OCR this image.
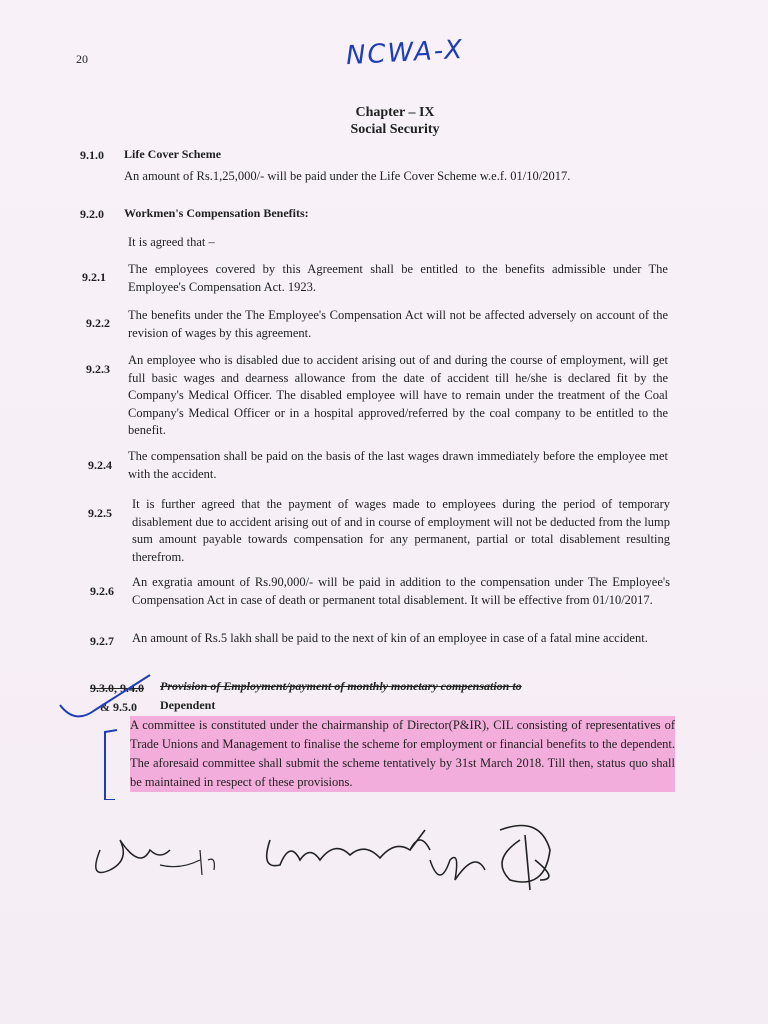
20	NCWA-X
Chapter – IX
Social Security
9.1.0 Life Cover Scheme
An amount of Rs.1,25,000/- will be paid under the Life Cover Scheme w.e.f. 01/10/2017.
9.2.0 Workmen's Compensation Benefits:
It is agreed that –
9.2.1
The employees covered by this Agreement shall be entitled to the benefits admissible under The Employee's Compensation Act. 1923.
9.2.2
The benefits under the The Employee's Compensation Act will not be affected adversely on account of the revision of wages by this agreement.
9.2.3
An employee who is disabled due to accident arising out of and during the course of employment, will get full basic wages and dearness allowance from the date of accident till he/she is declared fit by the Company's Medical Officer. The disabled employee will have to remain under the treatment of the Coal Company's Medical Officer or in a hospital approved/referred by the coal company to be entitled to the benefit.
9.2.4
The compensation shall be paid on the basis of the last wages drawn immediately before the employee met with the accident.
9.2.5
It is further agreed that the payment of wages made to employees during the period of temporary disablement due to accident arising out of and in course of employment will not be deducted from the lump sum amount payable towards compensation for any permanent, partial or total disablement resulting therefrom.
9.2.6
An exgratia amount of Rs.90,000/- will be paid in addition to the compensation under The Employee's Compensation Act in case of death or permanent total disablement. It will be effective from 01/10/2017.
9.2.7 An amount of Rs.5 lakh shall be paid to the next of kin of an employee in case of a fatal mine accident.
9.3.0, 9.4.0 Provision of Employment/payment of monthly monetary compensation to
& 9.5.0 Dependent
A committee is constituted under the chairmanship of Director(P&IR), CIL consisting of representatives of Trade Unions and Management to finalise the scheme for employment or financial benefits to the dependent. The aforesaid committee shall submit the scheme tentatively by 31st March 2018. Till then, status quo shall be maintained in respect of these provisions.
